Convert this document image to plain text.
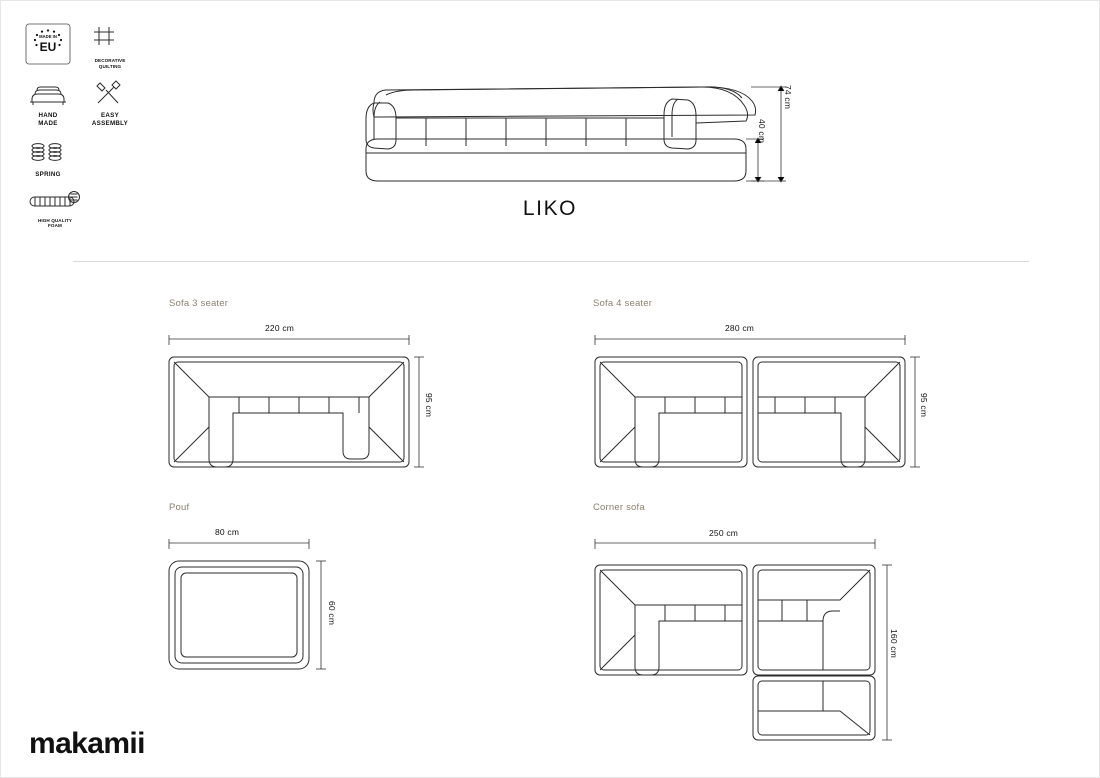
MADE IN
EU
DECORATIVE
QUILTING
HAND
MADE
EASY
ASSEMBLY
SPRING
HIGH QUALITY
FOAM
74 cm
40 cm
LIKO
Sofa 3 seater
220 cm
95 cm
Sofa 4 seater
280 cm
95 cm
Pouf
80 cm
60 cm
Corner sofa
250 cm
160 cm
makamii
